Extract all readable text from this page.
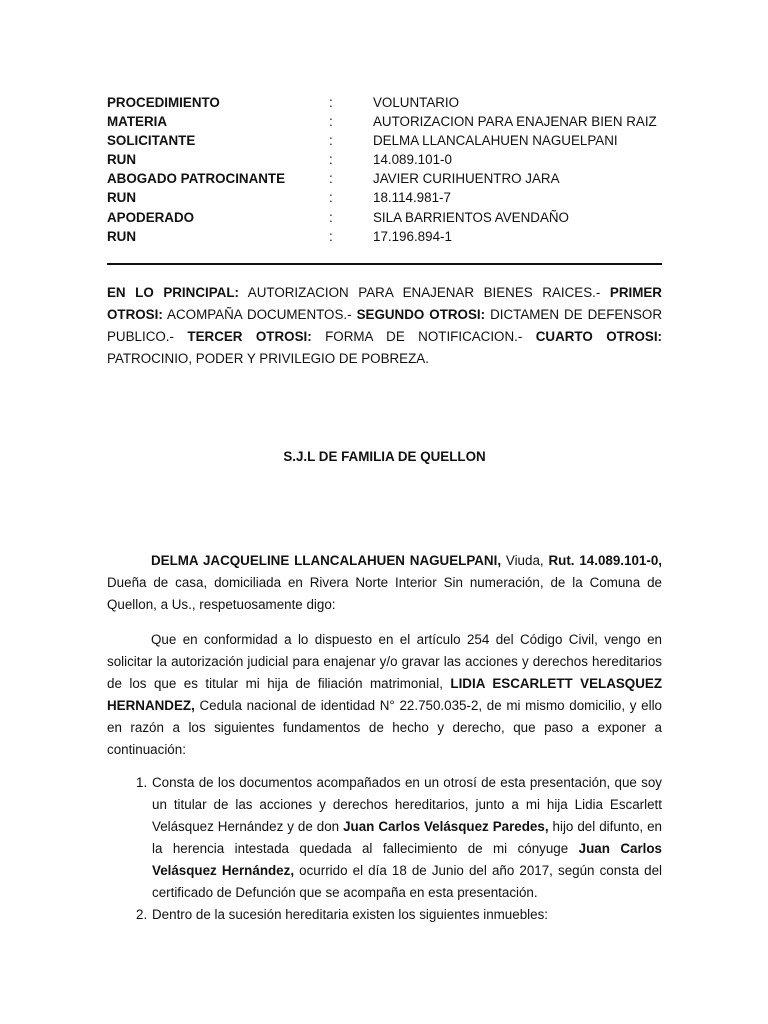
PROCEDIMIENTO	:	VOLUNTARIO
MATERIA	:	AUTORIZACION PARA ENAJENAR BIEN RAIZ
SOLICITANTE	:	DELMA LLANCALAHUEN NAGUELPANI
RUN	:	14.089.101-0
ABOGADO PATROCINANTE	:	JAVIER CURIHUENTRO JARA
RUN	:	18.114.981-7
APODERADO	:	SILA BARRIENTOS AVENDAÑO
RUN	:	17.196.894-1
EN LO PRINCIPAL: AUTORIZACION PARA ENAJENAR BIENES RAICES.- PRIMER OTROSI: ACOMPAÑA DOCUMENTOS.- SEGUNDO OTROSI: DICTAMEN DE DEFENSOR PUBLICO.- TERCER OTROSI: FORMA DE NOTIFICACION.- CUARTO OTROSI: PATROCINIO, PODER Y PRIVILEGIO DE POBREZA.
S.J.L DE FAMILIA DE QUELLON
DELMA JACQUELINE LLANCALAHUEN NAGUELPANI, Viuda, Rut. 14.089.101-0, Dueña de casa, domiciliada en Rivera Norte Interior Sin numeración, de la Comuna de Quellon, a Us., respetuosamente digo:
Que en conformidad a lo dispuesto en el artículo 254 del Código Civil, vengo en solicitar la autorización judicial para enajenar y/o gravar las acciones y derechos hereditarios de los que es titular mi hija de filiación matrimonial, LIDIA ESCARLETT VELASQUEZ HERNANDEZ, Cedula nacional de identidad N° 22.750.035-2, de mi mismo domicilio, y ello en razón a los siguientes fundamentos de hecho y derecho, que paso a exponer a continuación:
1. Consta de los documentos acompañados en un otrosí de esta presentación, que soy un titular de las acciones y derechos hereditarios, junto a mi hija Lidia Escarlett Velásquez Hernández y de don Juan Carlos Velásquez Paredes, hijo del difunto, en la herencia intestada quedada al fallecimiento de mi cónyuge Juan Carlos Velásquez Hernández, ocurrido el día 18 de Junio del año 2017, según consta del certificado de Defunción que se acompaña en esta presentación.
2. Dentro de la sucesión hereditaria existen los siguientes inmuebles:
